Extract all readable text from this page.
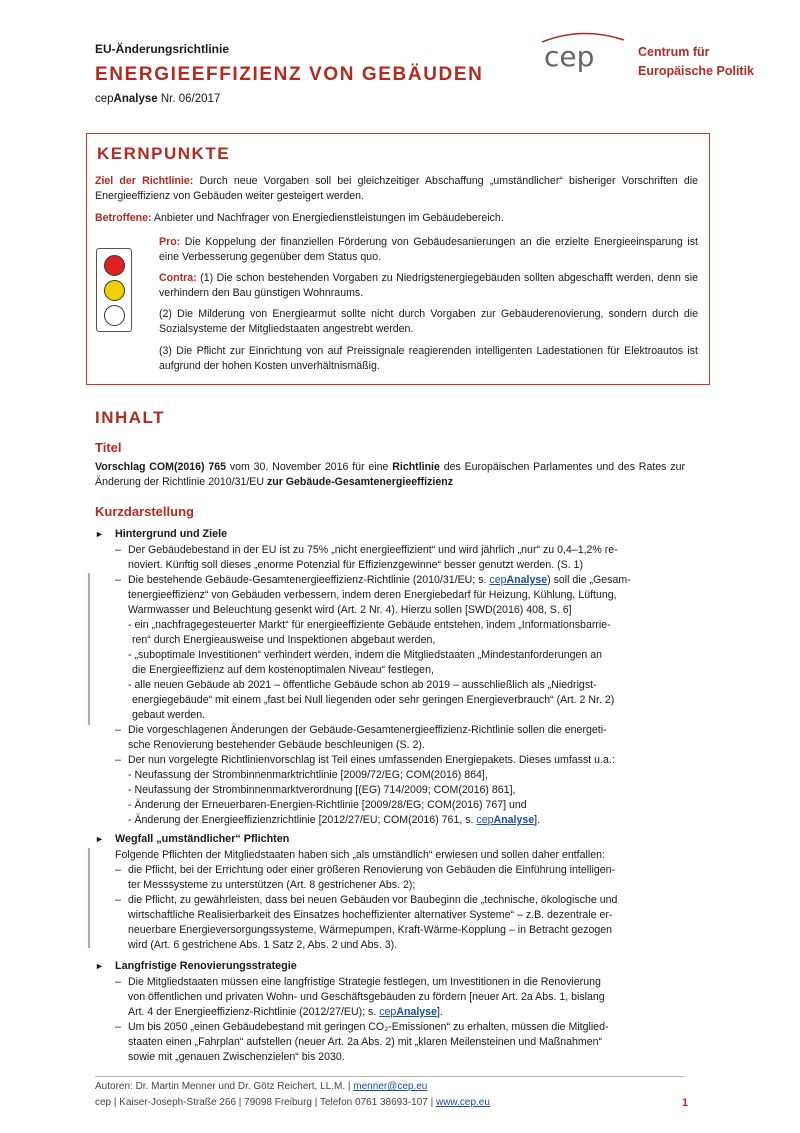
EU-Änderungsrichtlinie
ENERGIEEFFIZIENZ VON GEBÄUDEN
cepAnalyse Nr. 06/2017
cep	Centrum für
Europäische Politik
KERNPUNKTE

Ziel der Richtlinie: Durch neue Vorgaben soll bei gleichzeitiger Abschaffung „umständlicher“ bisheriger Vorschriften die Energieeffizienz von Gebäuden weiter gesteigert werden.

Betroffene: Anbieter und Nachfrager von Energiedienstleistungen im Gebäudebereich.

Pro: Die Koppelung der finanziellen Förderung von Gebäudesanierungen an die erzielte Energieeinsparung ist eine Verbesserung gegenüber dem Status quo.

Contra: (1) Die schon bestehenden Vorgaben zu Niedrigstenergiegebäuden sollten abgeschafft werden, denn sie verhindern den Bau günstigen Wohnraums.

(2) Die Milderung von Energiearmut sollte nicht durch Vorgaben zur Gebäuderenovierung, sondern durch die Sozialsysteme der Mitgliedstaaten angestrebt werden.

(3) Die Pflicht zur Einrichtung von auf Preissignale reagierenden intelligenten Ladestationen für Elektroautos ist aufgrund der hohen Kosten unverhältnismäßig.

INHALT
Titel

Vorschlag COM(2016) 765 vom 30. November 2016 für eine Richtlinie des Europäischen Parlamentes und des Rates zur Änderung der Richtlinie 2010/31/EU zur Gebäude-Gesamtenergieeffizienz

Kurzdarstellung
► Hintergrund und Ziele
– Der Gebäudebestand in der EU ist zu 75% „nicht energieeffizient“ und wird jährlich „nur“ zu 0,4–1,2% re-
noviert. Künftig soll dieses „enorme Potenzial für Effizienzgewinne“ besser genutzt werden. (S. 1)
– Die bestehende Gebäude-Gesamtenergieeffizienz-Richtlinie (2010/31/EU; s. cepAnalyse) soll die „Gesam-
tenergieeffizienz“ von Gebäuden verbessern, indem deren Energiebedarf für Heizung, Kühlung, Lüftung,
Warmwasser und Beleuchtung gesenkt wird (Art. 2 Nr. 4). Hierzu sollen [SWD(2016) 408, S. 6]
- ein „nachfragegesteuerter Markt“ für energieeffiziente Gebäude entstehen, indem „Informationsbarrie-
ren“ durch Energieausweise und Inspektionen abgebaut werden,
- „suboptimale Investitionen“ verhindert werden, indem die Mitgliedstaaten „Mindestanforderungen an
die Energieeffizienz auf dem kostenoptimalen Niveau“ festlegen,
- alle neuen Gebäude ab 2021 – öffentliche Gebäude schon ab 2019 – ausschließlich als „Niedrigst-
energiegebäude“ mit einem „fast bei Null liegenden oder sehr geringen Energieverbrauch“ (Art. 2 Nr. 2)
gebaut werden.
– Die vorgeschlagenen Änderungen der Gebäude-Gesamtenergieeffizienz-Richtlinie sollen die energeti-
sche Renovierung bestehender Gebäude beschleunigen (S. 2).
– Der nun vorgelegte Richtlinienvorschlag ist Teil eines umfassenden Energiepakets. Dieses umfasst u.a.:
- Neufassung der Strombinnenmarktrichtlinie [2009/72/EG; COM(2016) 864],
- Neufassung der Strombinnenmarktverordnung [(EG) 714/2009; COM(2016) 861],
- Änderung der Erneuerbaren-Energien-Richtlinie [2009/28/EG; COM(2016) 767] und
- Änderung der Energieeffizienzrichtlinie [2012/27/EU; COM(2016) 761, s. cepAnalyse].
► Wegfall „umständlicher“ Pflichten
Folgende Pflichten der Mitgliedstaaten haben sich „als umständlich“ erwiesen und sollen daher entfallen:
– die Pflicht, bei der Errichtung oder einer größeren Renovierung von Gebäuden die Einführung intelligen-
ter Messsysteme zu unterstützen (Art. 8 gestrichener Abs. 2);
– die Pflicht, zu gewährleisten, dass bei neuen Gebäuden vor Baubeginn die „technische, ökologische und
wirtschaftliche Realisierbarkeit des Einsatzes hocheffizienter alternativer Systeme“ – z.B. dezentrale er-
neuerbare Energieversorgungssysteme, Wärmepumpen, Kraft-Wärme-Kopplung – in Betracht gezogen
wird (Art. 6 gestrichene Abs. 1 Satz 2, Abs. 2 und Abs. 3).
► Langfristige Renovierungsstrategie
– Die Mitgliedstaaten müssen eine langfristige Strategie festlegen, um Investitionen in die Renovierung
von öffentlichen und privaten Wohn- und Geschäftsgebäuden zu fördern [neuer Art. 2a Abs. 1, bislang
Art. 4 der Energieeffizienz-Richtlinie (2012/27/EU); s. cepAnalyse].
– Um bis 2050 „einen Gebäudebestand mit geringen CO₂-Emissionen“ zu erhalten, müssen die Mitglied-
staaten einen „Fahrplan“ aufstellen (neuer Art. 2a Abs. 2) mit „klaren Meilensteinen und Maßnahmen“
sowie mit „genauen Zwischenzielen“ bis 2030.
Autoren: Dr. Martin Menner und Dr. Götz Reichert, LL.M. | menner@cep.eu
cep | Kaiser-Joseph-Straße 266 | 79098 Freiburg | Telefon 0761 38693-107 | www.cep.eu	1
